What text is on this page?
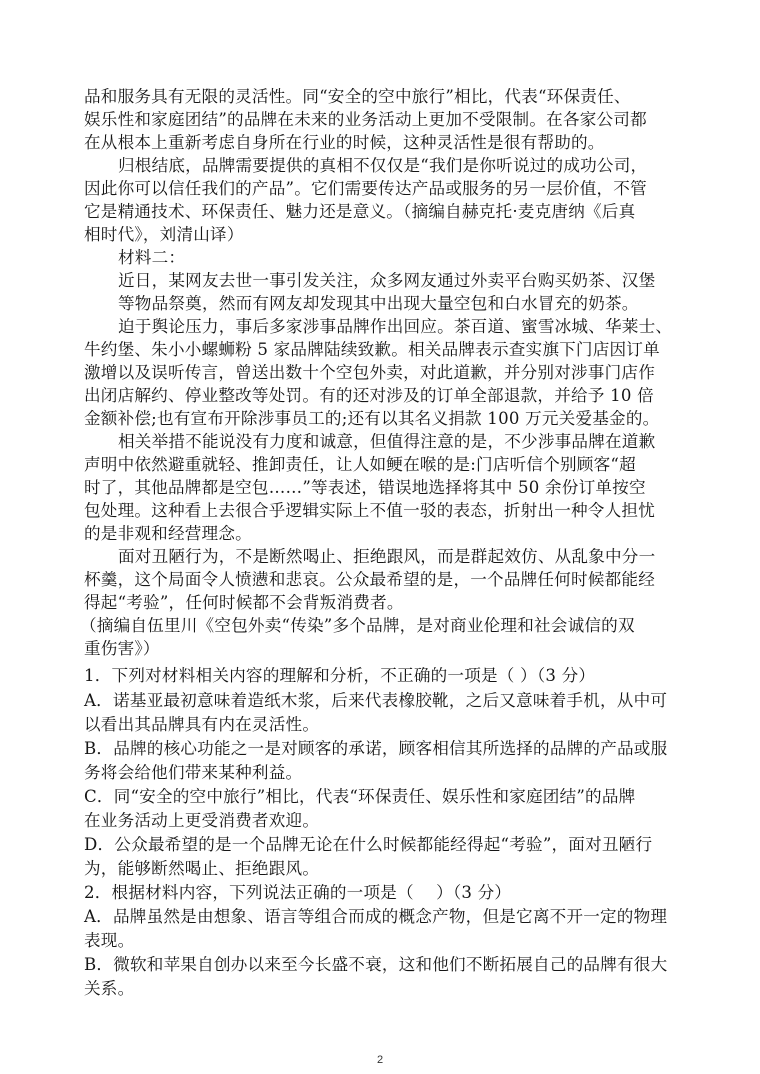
品和服务具有无限的灵活性。同“安全的空中旅行”相比，代表“环保责任、
娱乐性和家庭团结”的品牌在未来的业务活动上更加不受限制。在各家公司都
在从根本上重新考虑自身所在行业的时候，这种灵活性是很有帮助的。
归根结底，品牌需要提供的真相不仅仅是“我们是你听说过的成功公司，
因此你可以信任我们的产品”。它们需要传达产品或服务的另一层价值，不管
它是精通技术、环保责任、魅力还是意义。（摘编自赫克托·麦克唐纳《后真
相时代》，刘清山译）
材料二：
近日，某网友去世一事引发关注，众多网友通过外卖平台购买奶茶、汉堡
等物品祭奠，然而有网友却发现其中出现大量空包和白水冒充的奶茶。
迫于舆论压力，事后多家涉事品牌作出回应。茶百道、蜜雪冰城、华莱士、
牛约堡、朱小小螺蛳粉 5 家品牌陆续致歉。相关品牌表示查实旗下门店因订单
激增以及误听传言，曾送出数十个空包外卖，对此道歉，并分别对涉事门店作
出闭店解约、停业整改等处罚。有的还对涉及的订单全部退款，并给予 10 倍
金额补偿;也有宣布开除涉事员工的;还有以其名义捐款 100 万元关爱基金的。
相关举措不能说没有力度和诚意，但值得注意的是，不少涉事品牌在道歉
声明中依然避重就轻、推卸责任，让人如鲠在喉的是:门店听信个别顾客“超
时了，其他品牌都是空包……”等表述，错误地选择将其中 50 余份订单按空
包处理。这种看上去很合乎逻辑实际上不值一驳的表态，折射出一种令人担忧
的是非观和经营理念。
面对丑陋行为，不是断然喝止、拒绝跟风，而是群起效仿、从乱象中分一
杯羹，这个局面令人愤懑和悲哀。公众最希望的是，一个品牌任何时候都能经
得起“考验”，任何时候都不会背叛消费者。
（摘编自伍里川《空包外卖“传染”多个品牌，是对商业伦理和社会诚信的双
重伤害》）
1．下列对材料相关内容的理解和分析，不正确的一项是（ ）（3 分）
A．诺基亚最初意味着造纸木浆，后来代表橡胶靴，之后又意味着手机，从中可
以看出其品牌具有内在灵活性。
B．品牌的核心功能之一是对顾客的承诺，顾客相信其所选择的品牌的产品或服
务将会给他们带来某种利益。
C．同“安全的空中旅行”相比，代表“环保责任、娱乐性和家庭团结”的品牌
在业务活动上更受消费者欢迎。
D．公众最希望的是一个品牌无论在什么时候都能经得起“考验”，面对丑陋行
为，能够断然喝止、拒绝跟风。
2．根据材料内容，下列说法正确的一项是（　 ）（3 分）
A．品牌虽然是由想象、语言等组合而成的概念产物，但是它离不开一定的物理
表现。
B．微软和苹果自创办以来至今长盛不衰，这和他们不断拓展自己的品牌有很大
关系。
2
